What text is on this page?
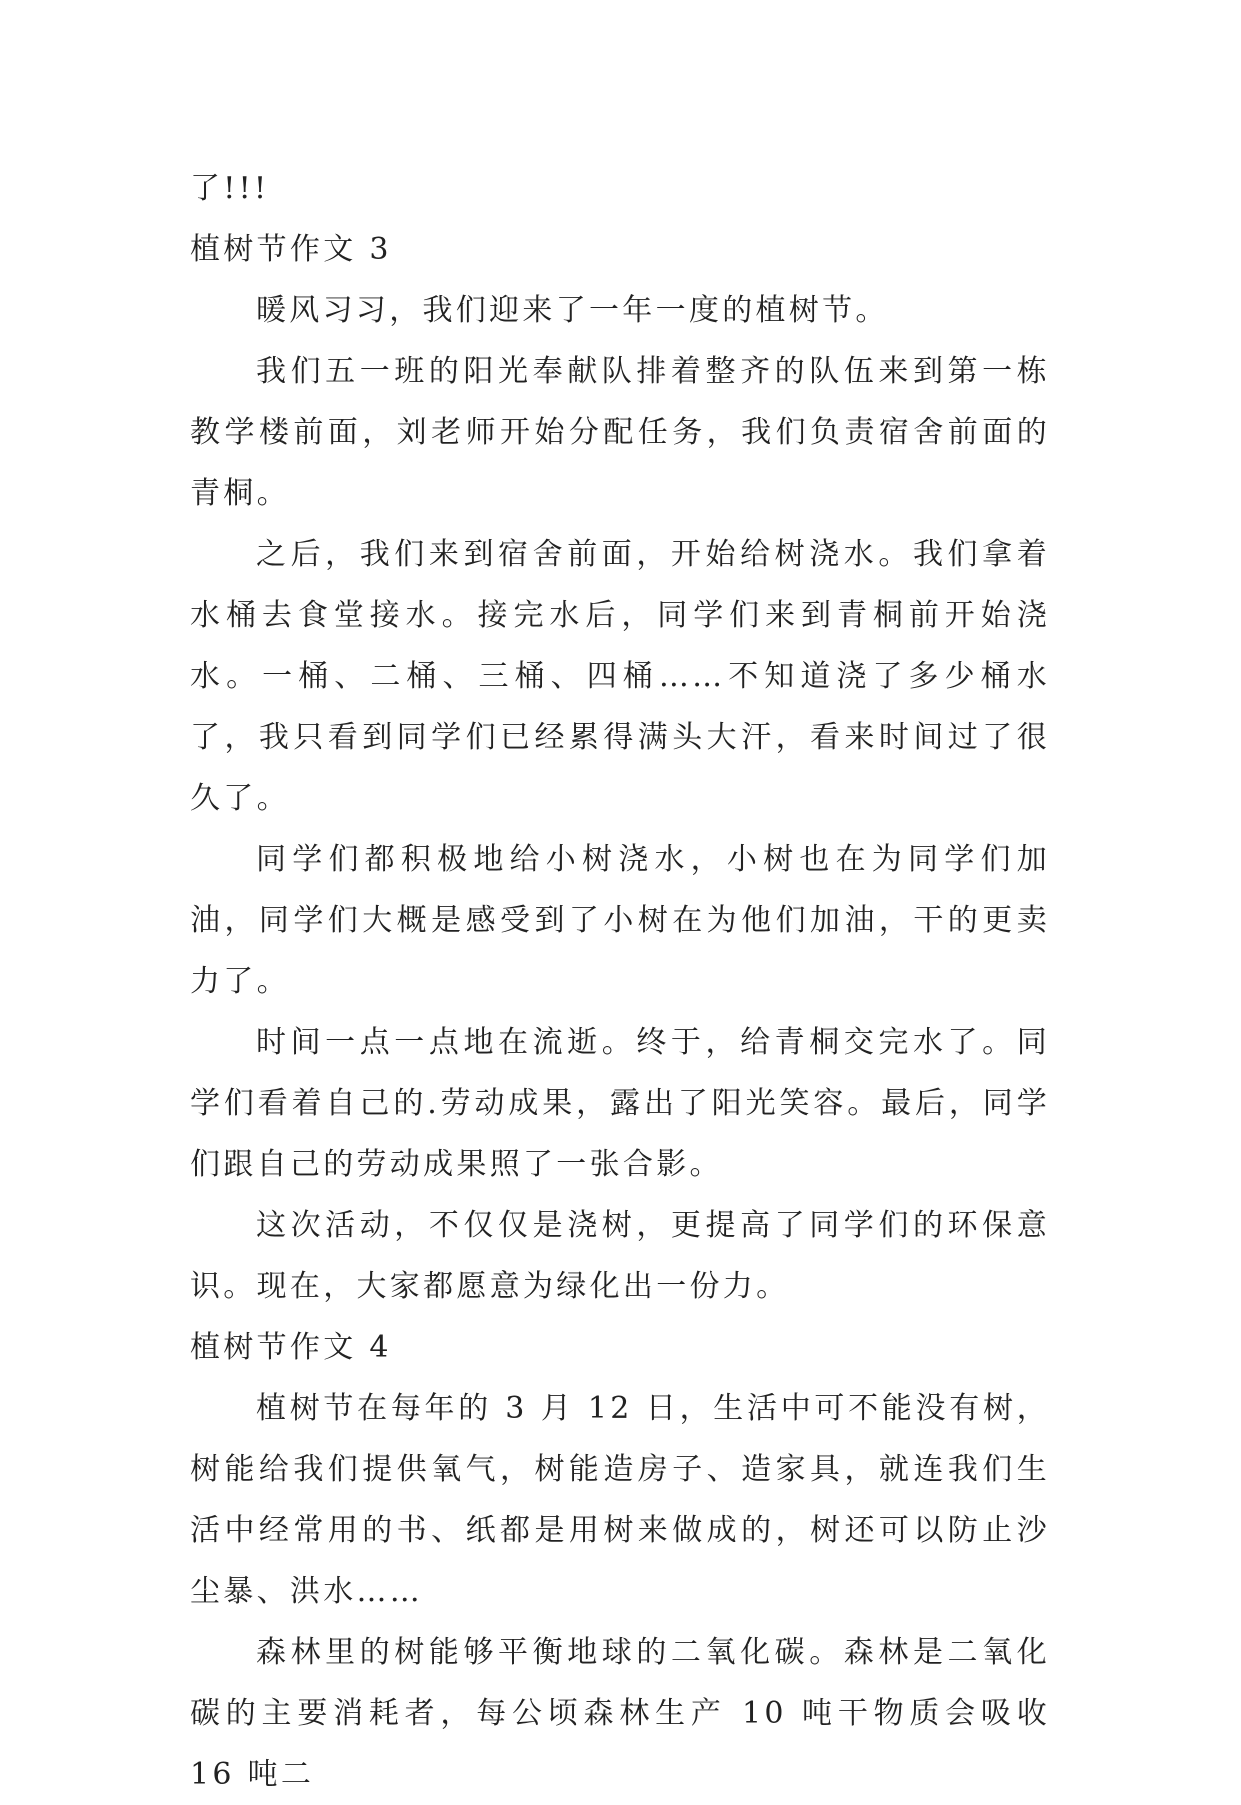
了!!!

植树节作文 3

暖风习习，我们迎来了一年一度的植树节。

我们五一班的阳光奉献队排着整齐的队伍来到第一栋教学楼前面，刘老师开始分配任务，我们负责宿舍前面的青桐。

之后，我们来到宿舍前面，开始给树浇水。我们拿着水桶去食堂接水。接完水后，同学们来到青桐前开始浇水。一桶、二桶、三桶、四桶……不知道浇了多少桶水了，我只看到同学们已经累得满头大汗，看来时间过了很久了。

同学们都积极地给小树浇水，小树也在为同学们加油，同学们大概是感受到了小树在为他们加油，干的更卖力了。

时间一点一点地在流逝。终于，给青桐交完水了。同学们看着自己的.劳动成果，露出了阳光笑容。最后，同学们跟自己的劳动成果照了一张合影。

这次活动，不仅仅是浇树，更提高了同学们的环保意识。现在，大家都愿意为绿化出一份力。

植树节作文 4

植树节在每年的 3 月 12 日，生活中可不能没有树，树能给我们提供氧气，树能造房子、造家具，就连我们生活中经常用的书、纸都是用树来做成的，树还可以防止沙尘暴、洪水……

森林里的树能够平衡地球的二氧化碳。森林是二氧化碳的主要消耗者，每公顷森林生产 10 吨干物质会吸收 16 吨二
